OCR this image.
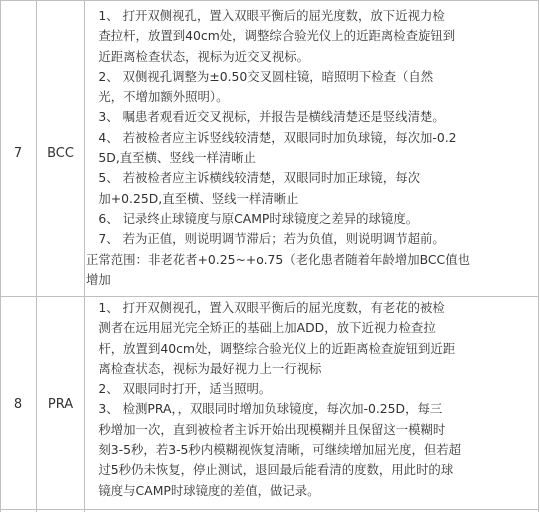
7	BCC
　1、 打开双侧视孔，置入双眼平衡后的屈光度数，放下近视力检
　查拉杆，放置到40cm处，调整综合验光仪上的近距离检查旋钮到
　近距离检查状态，视标为近交叉视标。
　2、 双侧视孔调整为±0.50交叉圆柱镜，暗照明下检查（自然
　光，不增加额外照明）。
　3、 嘱患者观看近交叉视标，并报告是横线清楚还是竖线清楚。
　4、 若被检者应主诉竖线较清楚，双眼同时加负球镜，每次加-0.2
　5D,直至横、竖线一样清晰止
　5、 若被检者应主诉横线较清楚，双眼同时加正球镜，每次
　加+0.25D,直至横、竖线一样清晰止
　6、 记录终止球镜度与原CAMP时球镜度之差异的球镜度。
　7、 若为正值，则说明调节滞后；若为负值，则说明调节超前。
正常范围：非老花者+0.25~+o.75（老化患者随着年龄增加BCC值也
增加
8	PRA
　1、 打开双侧视孔，置入双眼平衡后的屈光度数，有老花的被检
　测者在远用屈光完全矫正的基础上加ADD，放下近视力检查拉
　杆，放置到40cm处，调整综合验光仪上的近距离检查旋钮到近距
　离检查状态，视标为最好视力上一行视标
　2、 双眼同时打开，适当照明。
　3、 检测PRA，，双眼同时增加负球镜度，每次加-0.25D，每三
　秒增加一次，直到被检者主诉开始出现模糊并且保留这一模糊时
　刻3-5秒，若3-5秒内模糊视恢复清晰，可继续增加屈光度，但若超
　过5秒仍未恢复，停止测试，退回最后能看清的度数，用此时的球
　镜度与CAMP时球镜度的差值，做记录。
